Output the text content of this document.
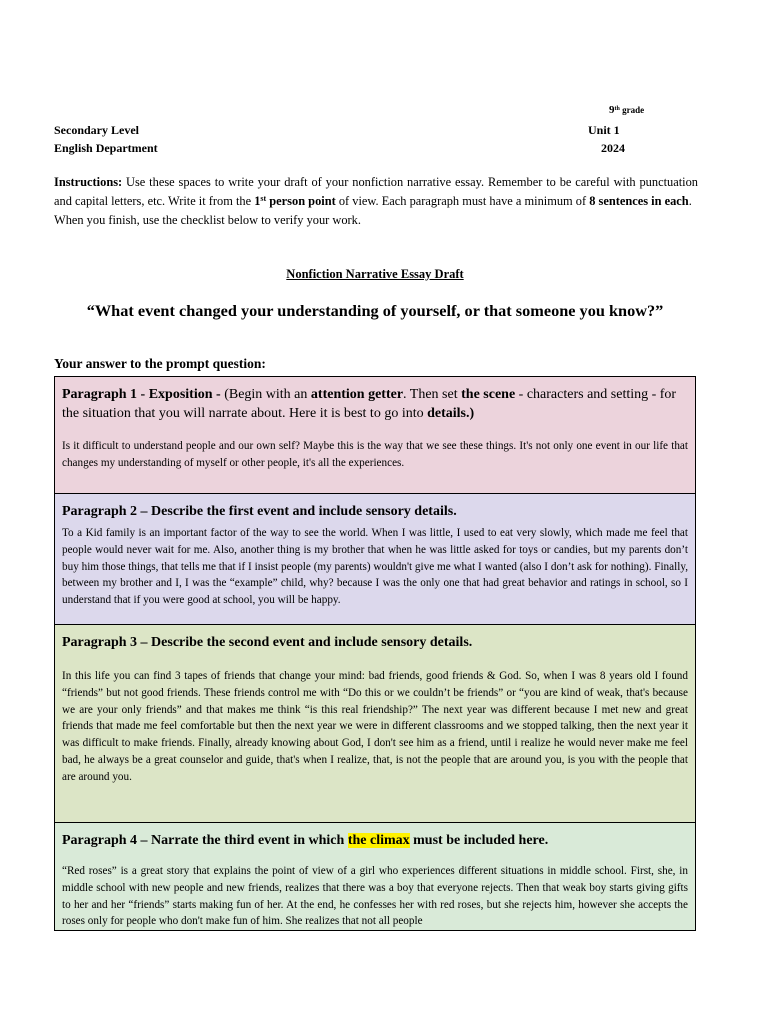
9th grade
Secondary Level
English Department
Unit 1
2024
Instructions: Use these spaces to write your draft of your nonfiction narrative essay. Remember to be careful with punctuation and capital letters, etc. Write it from the 1st person point of view. Each paragraph must have a minimum of 8 sentences in each.
When you finish, use the checklist below to verify your work.
Nonfiction Narrative Essay Draft
“What event changed your understanding of yourself, or that someone you know?”
Your answer to the prompt question:

Paragraph 1 - Exposition - (Begin with an attention getter. Then set the scene - characters and setting - for the situation that you will narrate about. Here it is best to go into details.)

Is it difficult to understand people and our own self? Maybe this is the way that we see these things. It's not only one event in our life that changes my understanding of myself or other people, it's all the experiences.

Paragraph 2 – Describe the first event and include sensory details.

To a Kid family is an important factor of the way to see the world. When I was little, I used to eat very slowly, which made me feel that people would never wait for me. Also, another thing is my brother that when he was little asked for toys or candies, but my parents don’t buy him those things, that tells me that if I insist people (my parents) wouldn't give me what I wanted (also I don’t ask for nothing). Finally, between my brother and I, I was the “example” child, why? because I was the only one that had great behavior and ratings in school, so I understand that if you were good at school, you will be happy.

Paragraph 3 – Describe the second event and include sensory details.

In this life you can find 3 tapes of friends that change your mind: bad friends, good friends & God. So, when I was 8 years old I found “friends” but not good friends. These friends control me with “Do this or we couldn’t be friends” or “you are kind of weak, that's because we are your only friends” and that makes me think “is this real friendship?” The next year was different because I met new and great friends that made me feel comfortable but then the next year we were in different classrooms and we stopped talking, then the next year it was difficult to make friends. Finally, already knowing about God, I don't see him as a friend, until i realize he would never make me feel bad, he always be a great counselor and guide, that's when I realize, that, is not the people that are around you, is you with the people that are around you.

Paragraph 4 – Narrate the third event in which the climax must be included here.

“Red roses” is a great story that explains the point of view of a girl who experiences different situations in middle school. First, she, in middle school with new people and new friends, realizes that there was a boy that everyone rejects. Then that weak boy starts giving gifts to her and her “friends” starts making fun of her. At the end, he confesses her with red roses, but she rejects him, however she accepts the roses only for people who don't make fun of him. She realizes that not all people
